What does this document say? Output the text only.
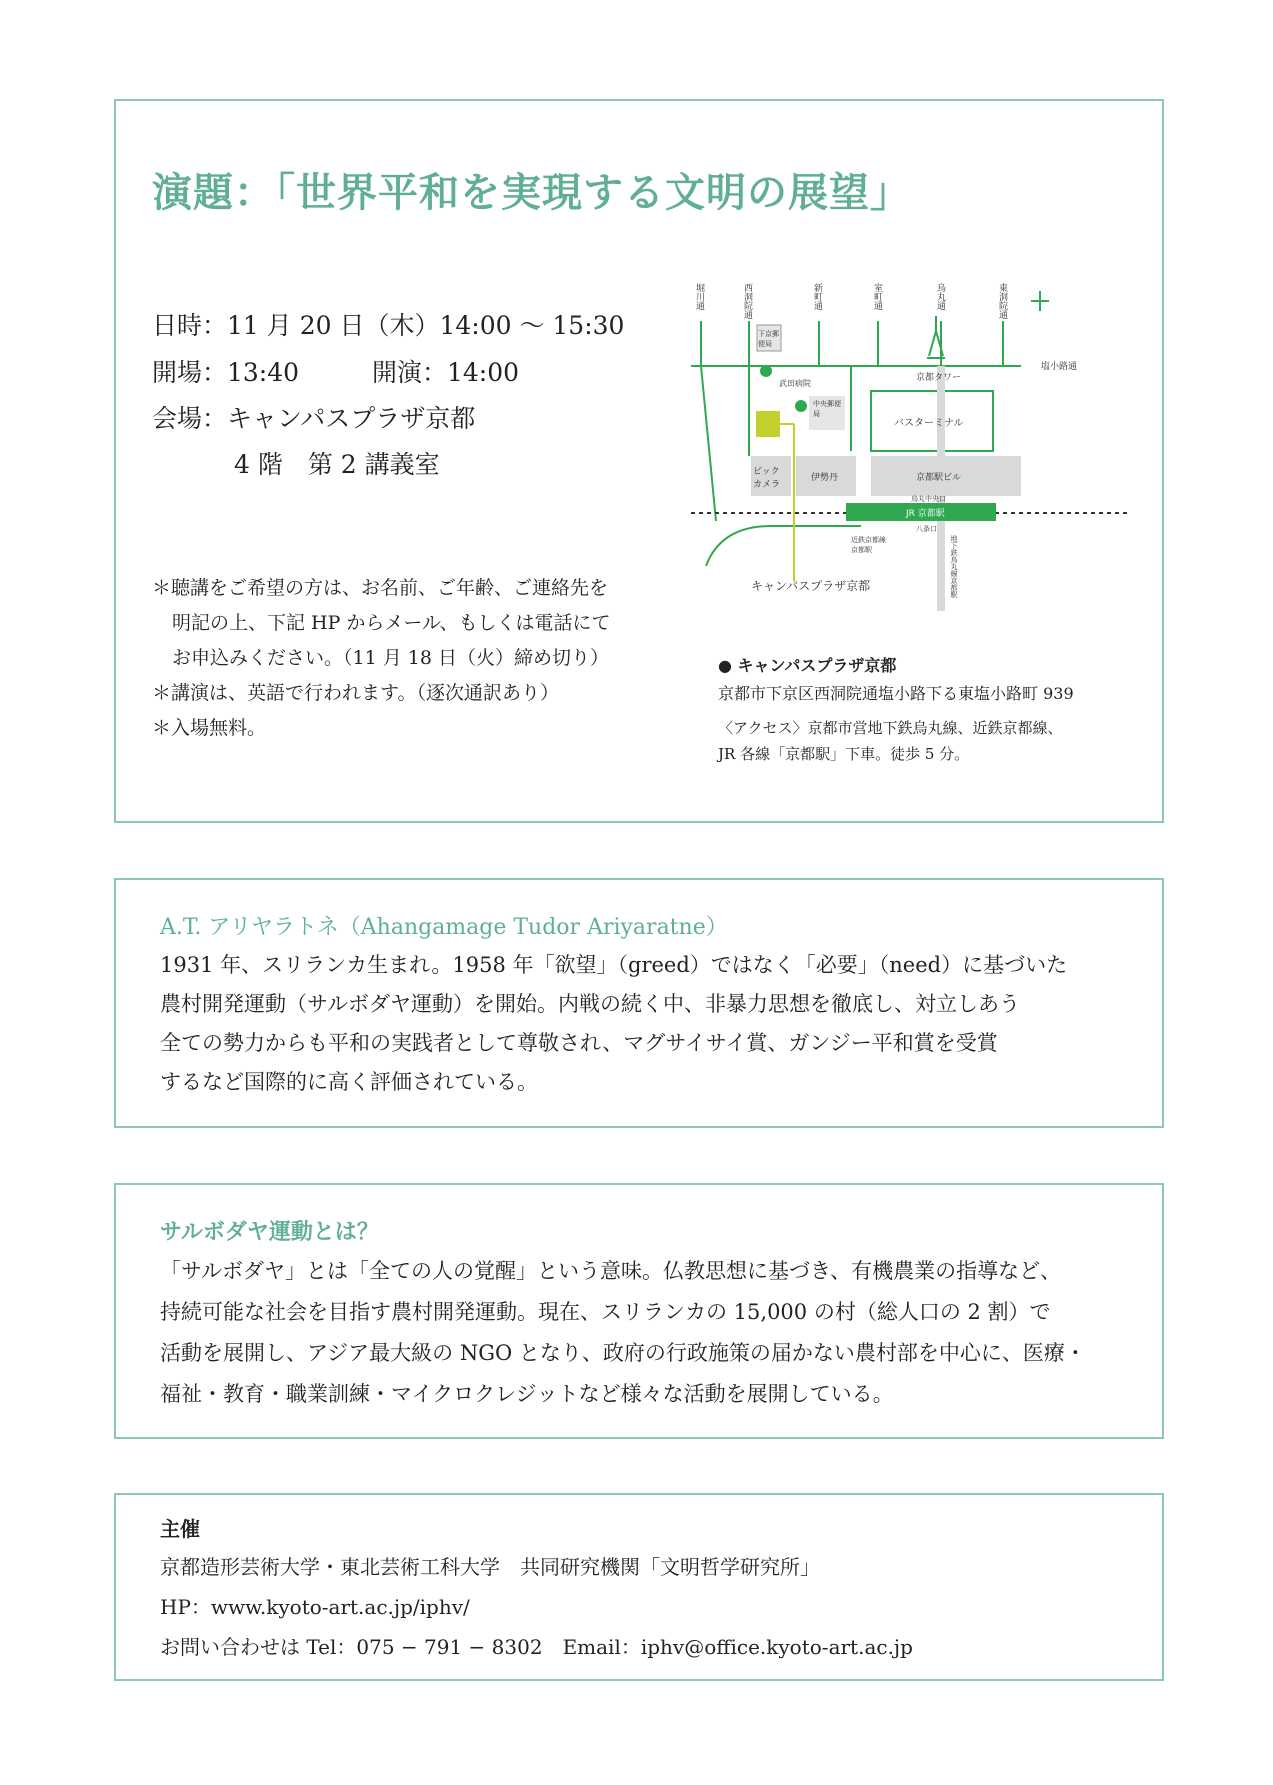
演題：「世界平和を実現する文明の展望」
日時：11 月 20 日（木）14:00 ～ 15:30
開場：13:40	開演：14:00
会場：キャンパスプラザ京都
4 階　第 2 講義室
＊聴講をご希望の方は、お名前、ご年齢、ご連絡先を
明記の上、下記 HP からメール、もしくは電話にて
お申込みください。（11 月 18 日（火）締め切り）
＊講演は、英語で行われます。（逐次通訳あり）
＊入場無料。
堀川通	西洞院通	新町通	室町通	烏丸通	東洞院通
塩小路通
京都タワー
下京郵便局
武田病院
中央郵便局
バスターミナル
ビックカメラ
伊勢丹	京都駅ビル
烏丸中央口
JR 京都駅
八条口
近鉄京都線京都駅	地下鉄烏丸線京都駅
キャンパスプラザ京都
● キャンパスプラザ京都
京都市下京区西洞院通塩小路下る東塩小路町 939
〈アクセス〉京都市営地下鉄烏丸線、近鉄京都線、
JR 各線「京都駅」下車。徒歩 5 分。
A.T. アリヤラトネ（Ahangamage Tudor Ariyaratne）
1931 年、スリランカ生まれ。1958 年「欲望」（greed）ではなく「必要」（need）に基づいた
農村開発運動（サルボダヤ運動）を開始。内戦の続く中、非暴力思想を徹底し、対立しあう
全ての勢力からも平和の実践者として尊敬され、マグサイサイ賞、ガンジー平和賞を受賞
するなど国際的に高く評価されている。
サルボダヤ運動とは？
「サルボダヤ」とは「全ての人の覚醒」という意味。仏教思想に基づき、有機農業の指導など、
持続可能な社会を目指す農村開発運動。現在、スリランカの 15,000 の村（総人口の 2 割）で
活動を展開し、アジア最大級の NGO となり、政府の行政施策の届かない農村部を中心に、医療・
福祉・教育・職業訓練・マイクロクレジットなど様々な活動を展開している。
主催
京都造形芸術大学・東北芸術工科大学　共同研究機関「文明哲学研究所」
HP：www.kyoto-art.ac.jp/iphv/
お問い合わせは Tel：075 − 791 − 8302　Email：iphv@office.kyoto-art.ac.jp
